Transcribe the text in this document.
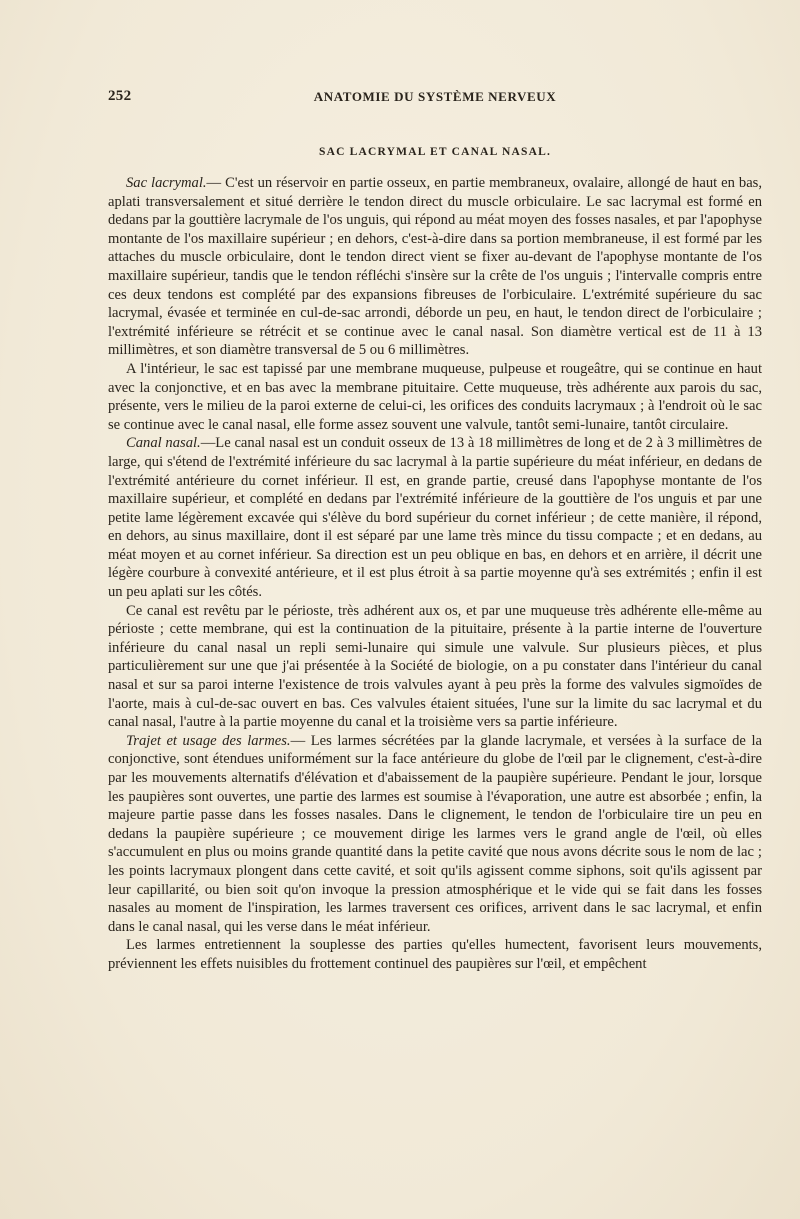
252	ANATOMIE DU SYSTÈME NERVEUX
SAC LACRYMAL ET CANAL NASAL.

Sac lacrymal.— C'est un réservoir en partie osseux, en partie membraneux, ovalaire, allongé de haut en bas, aplati transversalement et situé derrière le tendon direct du muscle orbiculaire. Le sac lacrymal est formé en dedans par la gouttière lacrymale de l'os unguis, qui répond au méat moyen des fosses nasales, et par l'apophyse montante de l'os maxillaire supérieur ; en dehors, c'est-à-dire dans sa portion membraneuse, il est formé par les attaches du muscle orbiculaire, dont le tendon direct vient se fixer au-devant de l'apophyse montante de l'os maxillaire supérieur, tandis que le tendon réfléchi s'insère sur la crête de l'os unguis ; l'intervalle compris entre ces deux tendons est complété par des expansions fibreuses de l'orbiculaire. L'extrémité supérieure du sac lacrymal, évasée et terminée en cul-de-sac arrondi, déborde un peu, en haut, le tendon direct de l'orbiculaire ; l'extrémité inférieure se rétrécit et se continue avec le canal nasal. Son diamètre vertical est de 11 à 13 millimètres, et son diamètre transversal de 5 ou 6 millimètres.

A l'intérieur, le sac est tapissé par une membrane muqueuse, pulpeuse et rougeâtre, qui se continue en haut avec la conjonctive, et en bas avec la membrane pituitaire. Cette muqueuse, très adhérente aux parois du sac, présente, vers le milieu de la paroi externe de celui-ci, les orifices des conduits lacrymaux ; à l'endroit où le sac se continue avec le canal nasal, elle forme assez souvent une valvule, tantôt semi-lunaire, tantôt circulaire.

Canal nasal.—Le canal nasal est un conduit osseux de 13 à 18 millimètres de long et de 2 à 3 millimètres de large, qui s'étend de l'extrémité inférieure du sac lacrymal à la partie supérieure du méat inférieur, en dedans de l'extrémité antérieure du cornet inférieur. Il est, en grande partie, creusé dans l'apophyse montante de l'os maxillaire supérieur, et complété en dedans par l'extrémité inférieure de la gouttière de l'os unguis et par une petite lame légèrement excavée qui s'élève du bord supérieur du cornet inférieur ; de cette manière, il répond, en dehors, au sinus maxillaire, dont il est séparé par une lame très mince du tissu compacte ; et en dedans, au méat moyen et au cornet inférieur. Sa direction est un peu oblique en bas, en dehors et en arrière, il décrit une légère courbure à convexité antérieure, et il est plus étroit à sa partie moyenne qu'à ses extrémités ; enfin il est un peu aplati sur les côtés.

Ce canal est revêtu par le périoste, très adhérent aux os, et par une muqueuse très adhérente elle-même au périoste ; cette membrane, qui est la continuation de la pituitaire, présente à la partie interne de l'ouverture inférieure du canal nasal un repli semi-lunaire qui simule une valvule. Sur plusieurs pièces, et plus particulièrement sur une que j'ai présentée à la Société de biologie, on a pu constater dans l'intérieur du canal nasal et sur sa paroi interne l'existence de trois valvules ayant à peu près la forme des valvules sigmoïdes de l'aorte, mais à cul-de-sac ouvert en bas. Ces valvules étaient situées, l'une sur la limite du sac lacrymal et du canal nasal, l'autre à la partie moyenne du canal et la troisième vers sa partie inférieure.

Trajet et usage des larmes.— Les larmes sécrétées par la glande lacrymale, et versées à la surface de la conjonctive, sont étendues uniformément sur la face antérieure du globe de l'œil par le clignement, c'est-à-dire par les mouvements alternatifs d'élévation et d'abaissement de la paupière supérieure. Pendant le jour, lorsque les paupières sont ouvertes, une partie des larmes est soumise à l'évaporation, une autre est absorbée ; enfin, la majeure partie passe dans les fosses nasales. Dans le clignement, le tendon de l'orbiculaire tire un peu en dedans la paupière supérieure ; ce mouvement dirige les larmes vers le grand angle de l'œil, où elles s'accumulent en plus ou moins grande quantité dans la petite cavité que nous avons décrite sous le nom de lac ; les points lacrymaux plongent dans cette cavité, et soit qu'ils agissent comme siphons, soit qu'ils agissent par leur capillarité, ou bien soit qu'on invoque la pression atmosphérique et le vide qui se fait dans les fosses nasales au moment de l'inspiration, les larmes traversent ces orifices, arrivent dans le sac lacrymal, et enfin dans le canal nasal, qui les verse dans le méat inférieur.

Les larmes entretiennent la souplesse des parties qu'elles humectent, favorisent leurs mouvements, préviennent les effets nuisibles du frottement continuel des paupières sur l'œil, et empêchent
